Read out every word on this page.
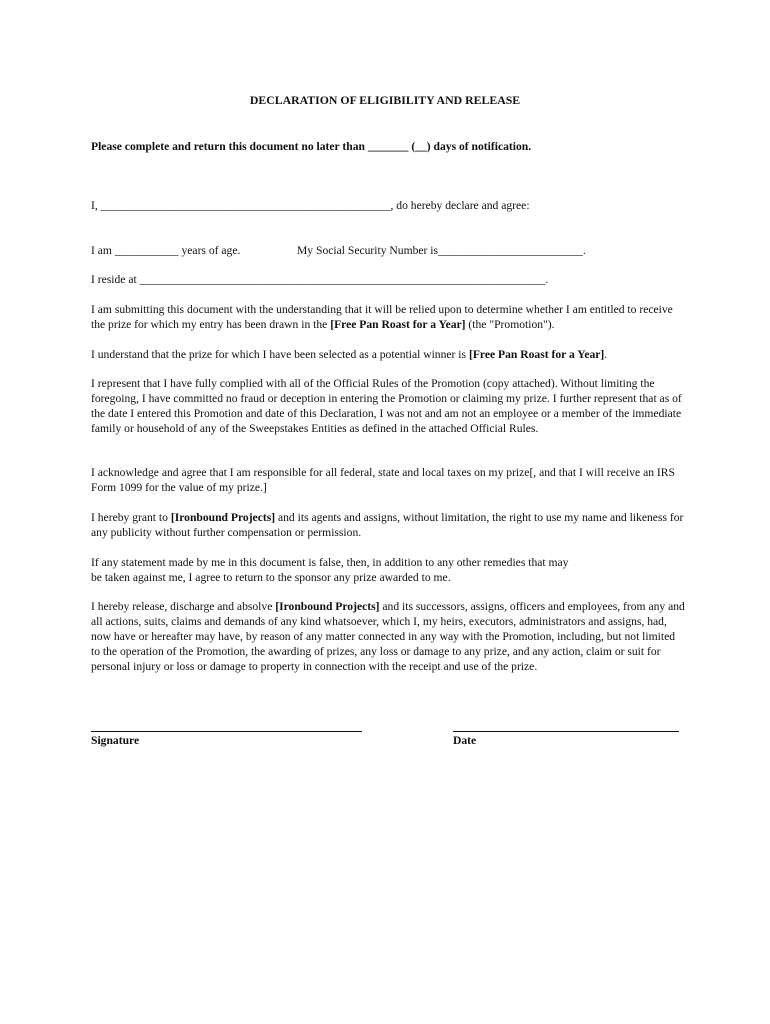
DECLARATION OF ELIGIBILITY AND RELEASE

Please complete and return this document no later than _______ (__) days of notification.

I, __________________________________________________, do hereby declare and agree:

I am ___________ years of age.	My Social Security Number is_________________________.

I reside at ______________________________________________________________________.

I am submitting this document with the understanding that it will be relied upon to determine whether I am entitled to receive the prize for which my entry has been drawn in the [Free Pan Roast for a Year] (the "Promotion").

I understand that the prize for which I have been selected as a potential winner is [Free Pan Roast for a Year].

I represent that I have fully complied with all of the Official Rules of the Promotion (copy attached). Without limiting the foregoing, I have committed no fraud or deception in entering the Promotion or claiming my prize. I further represent that as of the date I entered this Promotion and date of this Declaration, I was not and am not an employee or a member of the immediate family or household of any of the Sweepstakes Entities as defined in the attached Official Rules.

I acknowledge and agree that I am responsible for all federal, state and local taxes on my prize[, and that I will receive an IRS Form 1099 for the value of my prize.]

I hereby grant to [Ironbound Projects] and its agents and assigns, without limitation, the right to use my name and likeness for any publicity without further compensation or permission.

If any statement made by me in this document is false, then, in addition to any other remedies that may

be taken against me, I agree to return to the sponsor any prize awarded to me.

I hereby release, discharge and absolve [Ironbound Projects] and its successors, assigns, officers and employees, from any and all actions, suits, claims and demands of any kind whatsoever, which I, my heirs, executors, administrators and assigns, had, now have or hereafter may have, by reason of any matter connected in any way with the Promotion, including, but not limited to the operation of the Promotion, the awarding of prizes, any loss or damage to any prize, and any action, claim or suit for personal injury or loss or damage to property in connection with the receipt and use of the prize.

Signature	Date
